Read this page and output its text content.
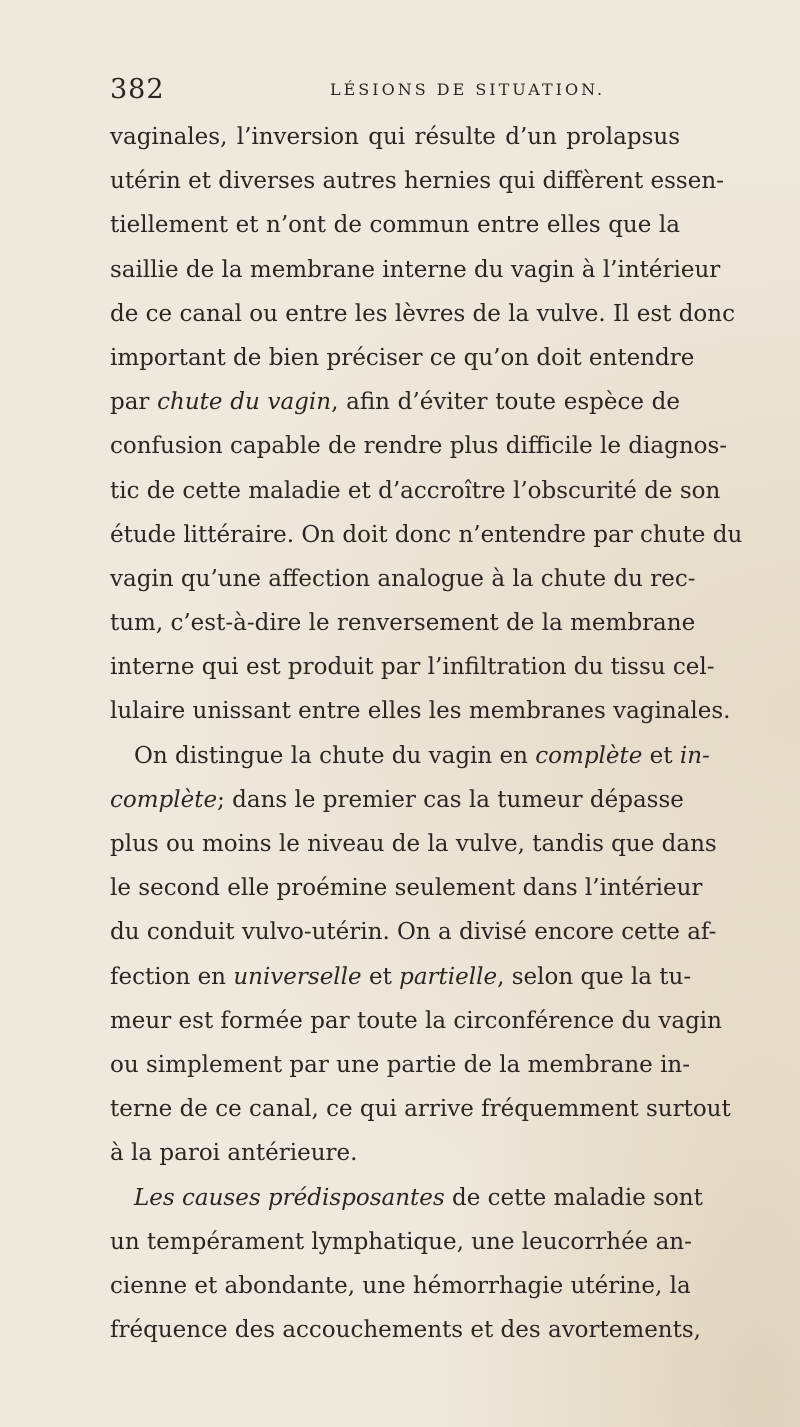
382	LÉSIONS DE SITUATION.
vaginales, l’inversion qui résulte d’un prolapsus
utérin et diverses autres hernies qui diffèrent essen-
tiellement et n’ont de commun entre elles que la
saillie de la membrane interne du vagin à l’intérieur
de ce canal ou entre les lèvres de la vulve. Il est donc
important de bien préciser ce qu’on doit entendre
par chute du vagin, afin d’éviter toute espèce de
confusion capable de rendre plus difficile le diagnos-
tic de cette maladie et d’accroître l’obscurité de son
étude littéraire. On doit donc n’entendre par chute du
vagin qu’une affection analogue à la chute du rec-
tum, c’est-à-dire le renversement de la membrane
interne qui est produit par l’infiltration du tissu cel-
lulaire unissant entre elles les membranes vaginales.
On distingue la chute du vagin en complète et in-
complète; dans le premier cas la tumeur dépasse
plus ou moins le niveau de la vulve, tandis que dans
le second elle proémine seulement dans l’intérieur
du conduit vulvo-utérin. On a divisé encore cette af-
fection en universelle et partielle, selon que la tu-
meur est formée par toute la circonférence du vagin
ou simplement par une partie de la membrane in-
terne de ce canal, ce qui arrive fréquemment surtout
à la paroi antérieure.
Les causes prédisposantes de cette maladie sont
un tempérament lymphatique, une leucorrhée an-
cienne et abondante, une hémorrhagie utérine, la
fréquence des accouchements et des avortements,
